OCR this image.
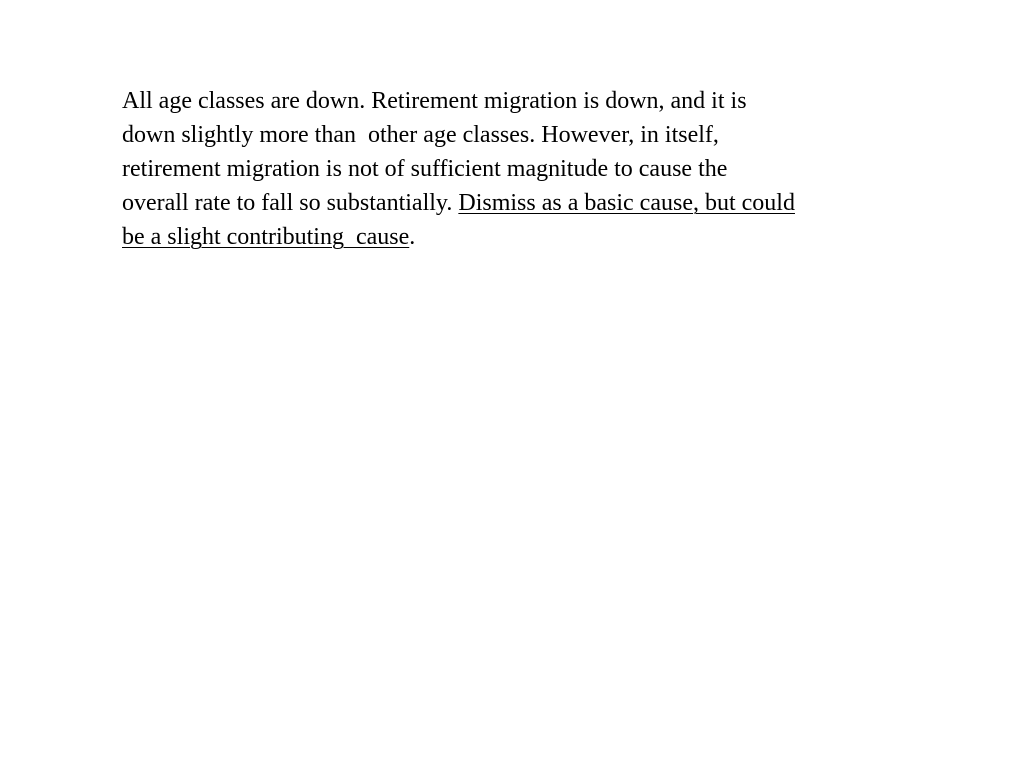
All age classes are down. Retirement migration is down, and it is

down slightly more than  other age classes. However, in itself,

retirement migration is not of sufficient magnitude to cause the

overall rate to fall so substantially. Dismiss as a basic cause, but could

be a slight contributing  cause.
